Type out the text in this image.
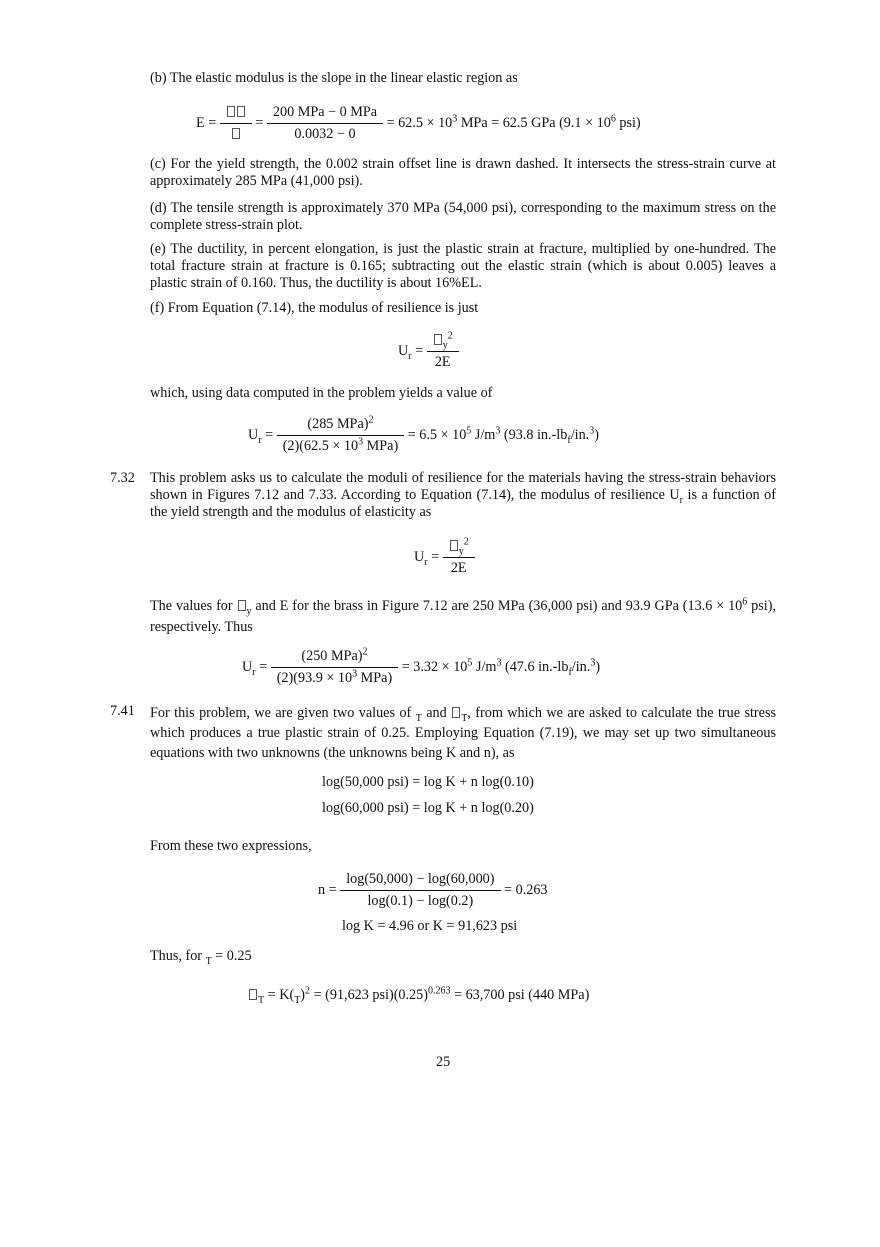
(b) The elastic modulus is the slope in the linear elastic region as
E =	= $\frac{\text{200 MPa − 0 MPa}}{0.0032 - 0} = 62.5 \times 10^3$ MPa = 62.5 GPa ($9.1 \times 10^6$ psi)
(c) For the yield strength, the 0.002 strain offset line is drawn dashed. It intersects the stress-strain curve at approximately 285 MPa (41,000 psi).
(d) The tensile strength is approximately 370 MPa (54,000 psi), corresponding to the maximum stress on the complete stress-strain plot.
(e) The ductility, in percent elongation, is just the plastic strain at fracture, multiplied by one-hundred. The total fracture strain at fracture is 0.165; subtracting out the elastic strain (which is about 0.005) leaves a plastic strain of 0.160. Thus, the ductility is about 16%EL.
(f) From Equation (7.14), the modulus of resilience is just
$U_r = \frac{_y^2}{2E}$
which, using data computed in the problem yields a value of
$U_r = \frac{(285 MPa)^2}{(2)(62.5 \times 10^3 MPa)} = 6.5 \times 10^5$ $J/m^3$ (93.8 $in.-lb_f/in.^3$)
7.32 This problem asks us to calculate the moduli of resilience for the materials having the stress-strain behaviors shown in Figures 7.12 and 7.33. According to Equation (7.14), the modulus of resilience $U_r$ is a function of the yield strength and the modulus of elasticity as
$U_r = \frac{_y^2}{2E}$
The values for $_y$ and E for the brass in Figure 7.12 are 250 MPa (36,000 psi) and 93.9 GPa ($13.6 \times 10^6$ psi), respectively. Thus
$U_r = \frac{(250 MPa)^2}{(2)(93.9 \times 10^3 MPa)} = 3.32 \times 10^5$ $J/m^3$ (47.6 $in.-lb_f/in.^3$)
7.41 For this problem, we are given two values of $_T$ and $_T$, from which we are asked to calculate the true stress which produces a true plastic strain of 0.25. Employing Equation (7.19), we may set up two simultaneous equations with two unknowns (the unknowns being K and n), as
log(50,000 psi) = log K + n log(0.10)
log(60,000 psi) = log K + n log(0.20)
From these two expressions,
$n = \frac{\log(50,000) - \log(60,000)}{\log(0.1) - \log(0.2)} = 0.263$
log K = 4.96 or K = 91,623 psi
Thus, for $_T$ = 0.25
$_T = K(_T)^2 = (91,623$ $psi)(0.25)^{0.263} = 63,700$ psi (440 MPa)
25
